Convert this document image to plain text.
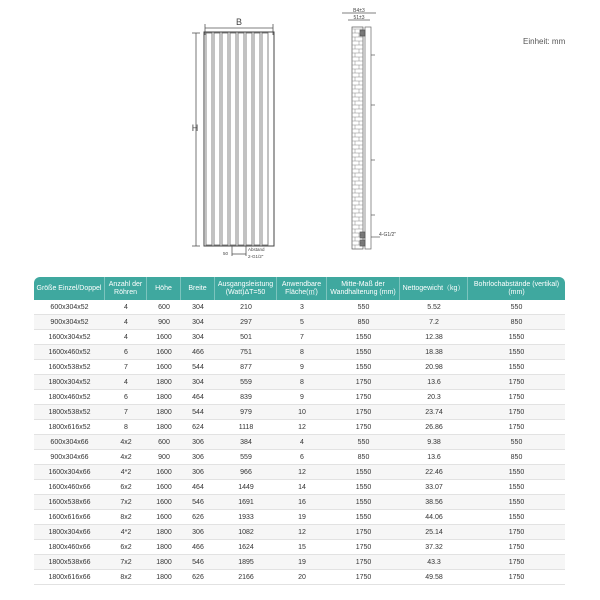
B
H
50
Abstand
2-G1/2"
B4±3
51±3
4-G1/2"
Einheit: mm
Größe Einzel/Doppel	Anzahl der Röhren	Höhe	Breite	Ausgangsleistung (Watt)ΔT=50	Anwendbare Fläche(㎡)	Mitte-Maß der Wandhalterung (mm)	Nettogewicht（kg）	Bohrlochabstände (vertikal) (mm)
600x304x52	4	600	304	210	3	550	5.52	550
900x304x52	4	900	304	297	5	850	7.2	850
1600x304x52	4	1600	304	501	7	1550	12.38	1550
1600x460x52	6	1600	466	751	8	1550	18.38	1550
1600x538x52	7	1600	544	877	9	1550	20.98	1550
1800x304x52	4	1800	304	559	8	1750	13.6	1750
1800x460x52	6	1800	464	839	9	1750	20.3	1750
1800x538x52	7	1800	544	979	10	1750	23.74	1750
1800x616x52	8	1800	624	1118	12	1750	26.86	1750
600x304x66	4x2	600	306	384	4	550	9.38	550
900x304x66	4x2	900	306	559	6	850	13.6	850
1600x304x66	4*2	1600	306	966	12	1550	22.46	1550
1600x460x66	6x2	1600	464	1449	14	1550	33.07	1550
1600x538x66	7x2	1600	546	1691	16	1550	38.56	1550
1600x616x66	8x2	1600	626	1933	19	1550	44.06	1550
1800x304x66	4*2	1800	306	1082	12	1750	25.14	1750
1800x460x66	6x2	1800	466	1624	15	1750	37.32	1750
1800x538x66	7x2	1800	546	1895	19	1750	43.3	1750
1800x616x66	8x2	1800	626	2166	20	1750	49.58	1750
